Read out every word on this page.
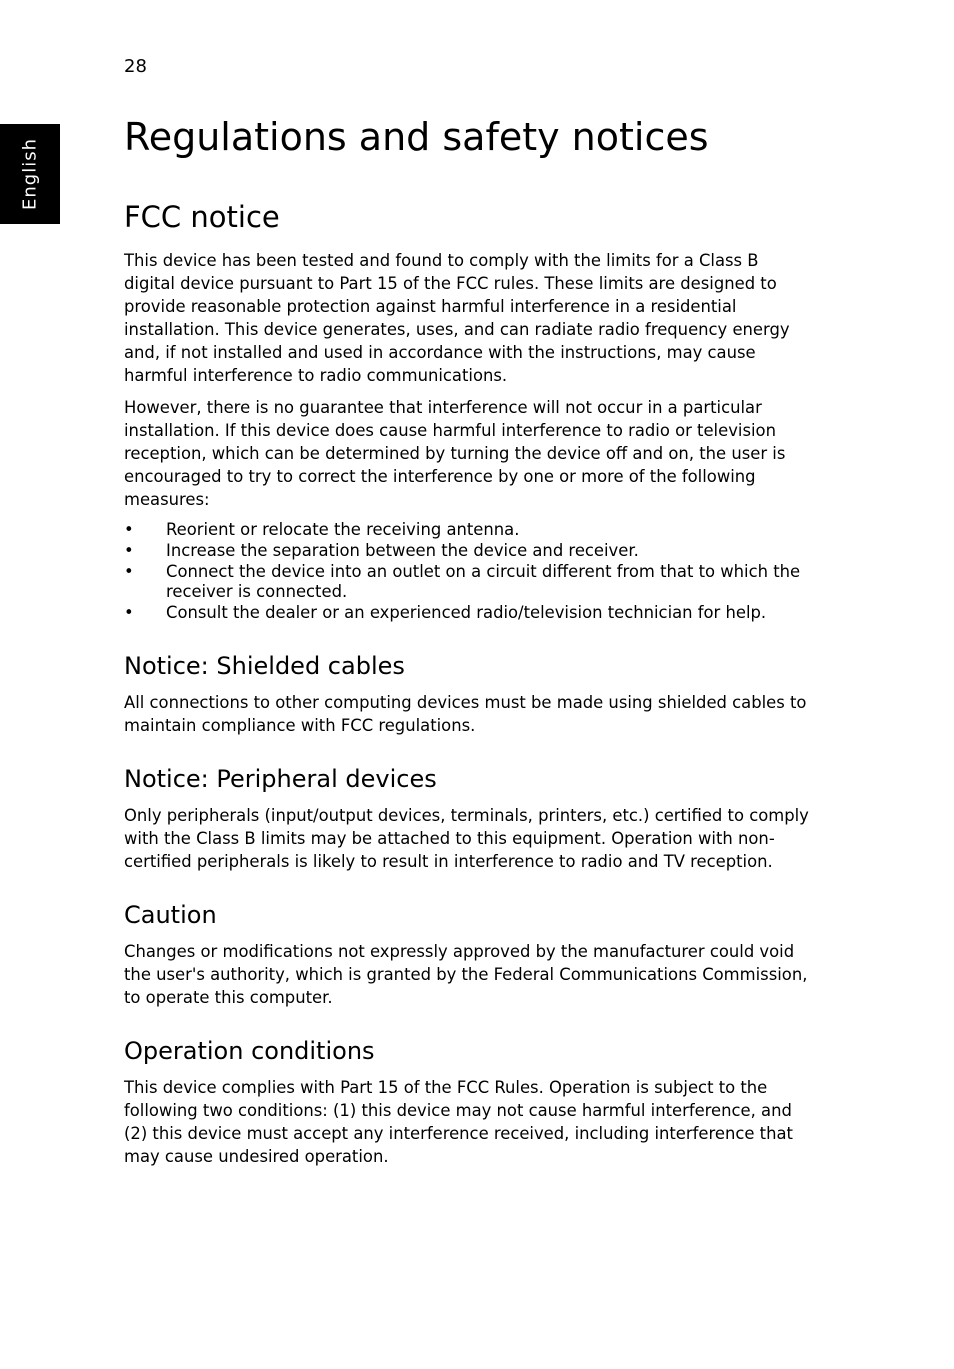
28
English
Regulations and safety notices
FCC notice

This device has been tested and found to comply with the limits for a Class B digital device pursuant to Part 15 of the FCC rules. These limits are designed to provide reasonable protection against harmful interference in a residential installation. This device generates, uses, and can radiate radio frequency energy and, if not installed and used in accordance with the instructions, may cause harmful interference to radio communications.

However, there is no guarantee that interference will not occur in a particular installation. If this device does cause harmful interference to radio or television reception, which can be determined by turning the device off and on, the user is encouraged to try to correct the interference by one or more of the following measures:

• Reorient or relocate the receiving antenna.
• Increase the separation between the device and receiver.
• Connect the device into an outlet on a circuit different from that to which the receiver is connected.
• Consult the dealer or an experienced radio/television technician for help.
Notice: Shielded cables

All connections to other computing devices must be made using shielded cables to maintain compliance with FCC regulations.

Notice: Peripheral devices

Only peripherals (input/output devices, terminals, printers, etc.) certified to comply with the Class B limits may be attached to this equipment. Operation with non-certified peripherals is likely to result in interference to radio and TV reception.

Caution

Changes or modifications not expressly approved by the manufacturer could void the user's authority, which is granted by the Federal Communications Commission, to operate this computer.

Operation conditions

This device complies with Part 15 of the FCC Rules. Operation is subject to the following two conditions: (1) this device may not cause harmful interference, and (2) this device must accept any interference received, including interference that may cause undesired operation.
